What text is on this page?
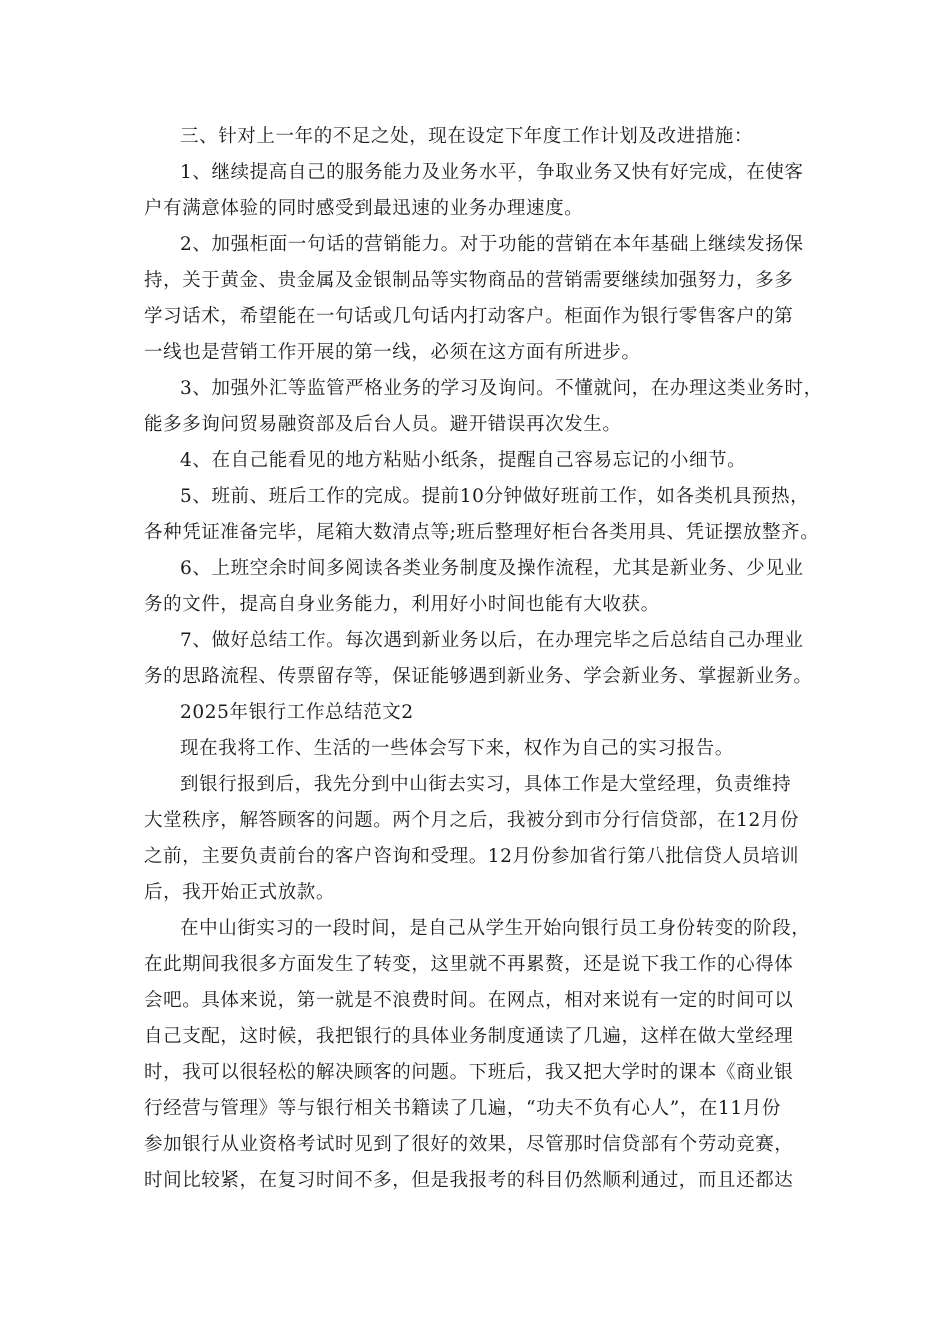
三、针对上一年的不足之处，现在设定下年度工作计划及改进措施：
1、继续提高自己的服务能力及业务水平，争取业务又快有好完成，在使客
户有满意体验的同时感受到最迅速的业务办理速度。
2、加强柜面一句话的营销能力。对于功能的营销在本年基础上继续发扬保
持，关于黄金、贵金属及金银制品等实物商品的营销需要继续加强努力，多多
学习话术，希望能在一句话或几句话内打动客户。柜面作为银行零售客户的第
一线也是营销工作开展的第一线，必须在这方面有所进步。
3、加强外汇等监管严格业务的学习及询问。不懂就问，在办理这类业务时，
能多多询问贸易融资部及后台人员。避开错误再次发生。
4、在自己能看见的地方粘贴小纸条，提醒自己容易忘记的小细节。
5、班前、班后工作的完成。提前10分钟做好班前工作，如各类机具预热，
各种凭证准备完毕，尾箱大数清点等;班后整理好柜台各类用具、凭证摆放整齐。
6、上班空余时间多阅读各类业务制度及操作流程，尤其是新业务、少见业
务的文件，提高自身业务能力，利用好小时间也能有大收获。
7、做好总结工作。每次遇到新业务以后，在办理完毕之后总结自己办理业
务的思路流程、传票留存等，保证能够遇到新业务、学会新业务、掌握新业务。
2025年银行工作总结范文2
现在我将工作、生活的一些体会写下来，权作为自己的实习报告。
到银行报到后，我先分到中山街去实习，具体工作是大堂经理，负责维持
大堂秩序，解答顾客的问题。两个月之后，我被分到市分行信贷部，在12月份
之前，主要负责前台的客户咨询和受理。12月份参加省行第八批信贷人员培训
后，我开始正式放款。
在中山街实习的一段时间，是自己从学生开始向银行员工身份转变的阶段，
在此期间我很多方面发生了转变，这里就不再累赘，还是说下我工作的心得体
会吧。具体来说，第一就是不浪费时间。在网点，相对来说有一定的时间可以
自己支配，这时候，我把银行的具体业务制度通读了几遍，这样在做大堂经理
时，我可以很轻松的解决顾客的问题。下班后，我又把大学时的课本《商业银
行经营与管理》等与银行相关书籍读了几遍，“功夫不负有心人”，在11月份
参加银行从业资格考试时见到了很好的效果，尽管那时信贷部有个劳动竞赛，
时间比较紧，在复习时间不多，但是我报考的科目仍然顺利通过，而且还都达
